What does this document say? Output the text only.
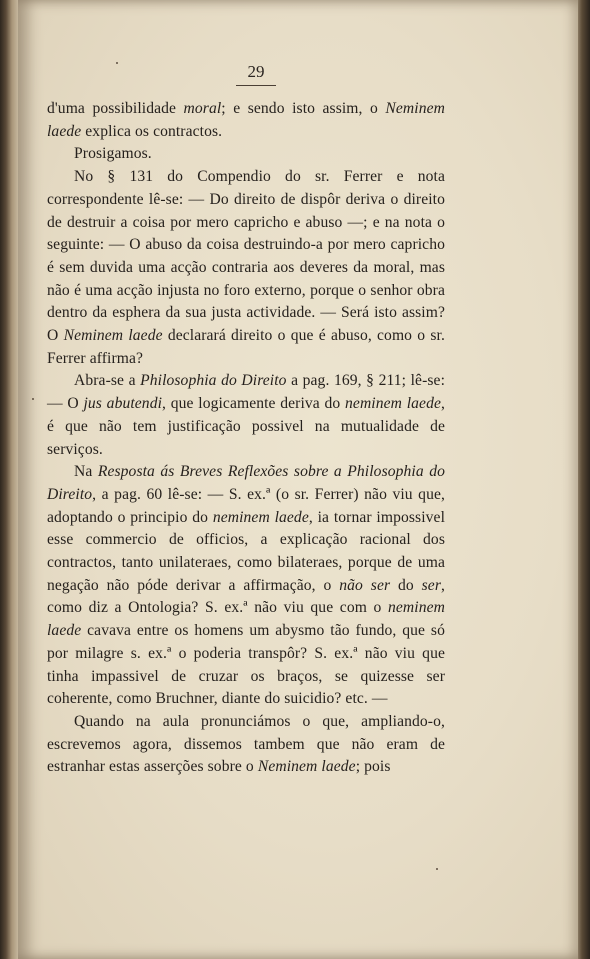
29

d'uma possibilidade moral; e sendo isto assim, o Neminem laede explica os contractos.

Prosigamos.

No § 131 do Compendio do sr. Ferrer e nota correspondente lê-se: — Do direito de dispôr deriva o direito de destruir a coisa por mero capricho e abuso —; e na nota o seguinte: — O abuso da coisa destruindo-a por mero capricho é sem duvida uma acção contraria aos deveres da moral, mas não é uma acção injusta no foro externo, porque o senhor obra dentro da esphera da sua justa actividade. — Será isto assim? O Neminem laede declarará direito o que é abuso, como o sr. Ferrer affirma?

Abra-se a Philosophia do Direito a pag. 169, § 211; lê-se: — O jus abutendi, que logicamente deriva do neminem laede, é que não tem justificação possivel na mutualidade de serviços.

Na Resposta ás Breves Reflexões sobre a Philosophia do Direito, a pag. 60 lê-se: — S. ex.ª (o sr. Ferrer) não viu que, adoptando o principio do neminem laede, ia tornar impossivel esse commercio de officios, a explicação racional dos contractos, tanto unilateraes, como bilateraes, porque de uma negação não póde derivar a affirmação, o não ser do ser, como diz a Ontologia? S. ex.ª não viu que com o neminem laede cavava entre os homens um abysmo tão fundo, que só por milagre s. ex.ª o poderia transpôr? S. ex.ª não viu que tinha impassivel de cruzar os braços, se quizesse ser coherente, como Bruchner, diante do suicidio? etc. —

Quando na aula pronunciámos o que, ampliando-o, escrevemos agora, dissemos tambem que não eram de estranhar estas asserções sobre o Neminem laede; pois
